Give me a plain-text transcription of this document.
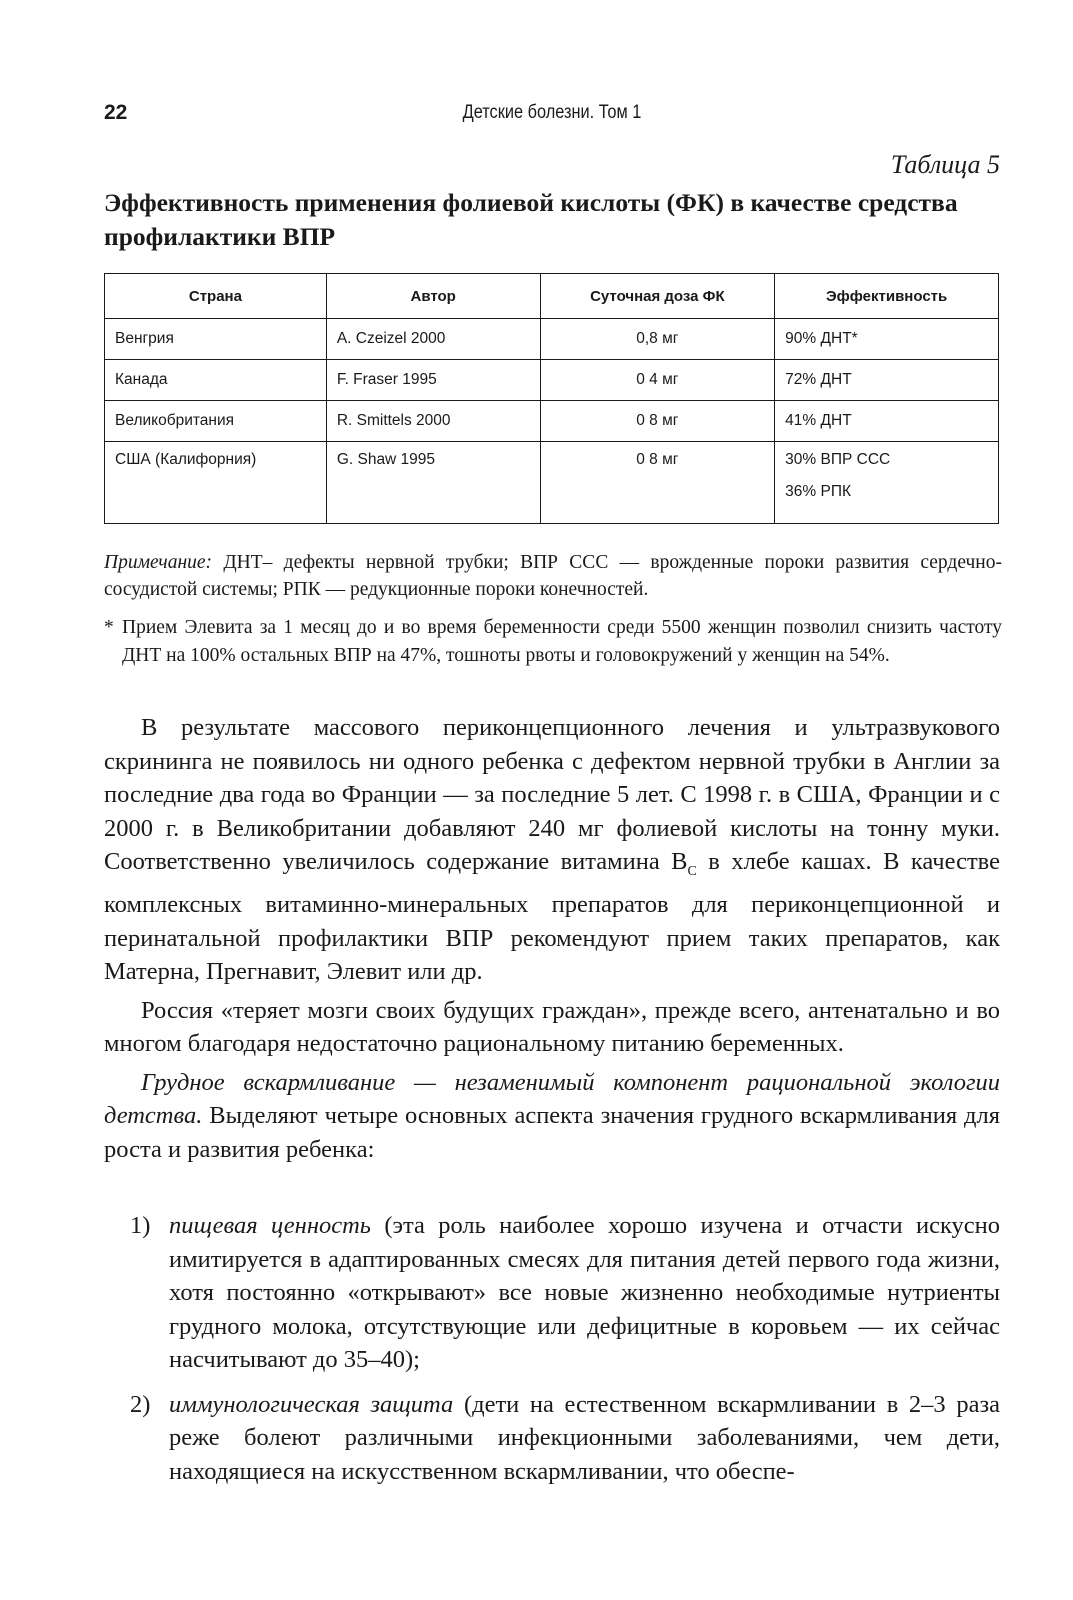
22	Детские болезни. Том 1
Таблица 5
Эффективность применения фолиевой кислоты (ФК) в качестве средства профилактики ВПР
Страна	Автор	Суточная доза ФК	Эффективность
Венгрия	A. Czeizel 2000	0,8 мг	90% ДНТ*
Канада	F. Fraser 1995	0 4 мг	72% ДНТ
Великобритания	R. Smittels 2000	0 8 мг	41% ДНТ
США (Калифорния)	G. Shaw 1995	0 8 мг	30% ВПР ССС
36% РПК
Примечание: ДНТ– дефекты нервной трубки; ВПР ССС — врожденные пороки развития сердечно-сосудистой системы; РПК — редукционные пороки конечностей.
* Прием Элевита за 1 месяц до и во время беременности среди 5500 женщин позволил снизить частоту ДНТ на 100% остальных ВПР на 47%, тошноты рвоты и головокружений у женщин на 54%.

В результате массового периконцепционного лечения и ультразвукового скрининга не появилось ни одного ребенка с дефектом нервной трубки в Англии за последние два года во Франции — за последние 5 лет. С 1998 г. в США, Франции и с 2000 г. в Великобритании добавляют 240 мг фолиевой кислоты на тонну муки. Соответственно увеличилось содержание витамина $В_С$ в хлебе кашах. В качестве комплексных витаминно-минеральных препаратов для периконцепционной и перинатальной профилактики ВПР рекомендуют прием таких препаратов, как Матерна, Прегнавит, Элевит или др.

Россия «теряет мозги своих будущих граждан», прежде всего, антенатально и во многом благодаря недостаточно рациональному питанию беременных.

Грудное вскармливание — незаменимый компонент рациональной экологии детства. Выделяют четыре основных аспекта значения грудного вскармливания для роста и развития ребенка:

1) пищевая ценность (эта роль наиболее хорошо изучена и отчасти искусно имитируется в адаптированных смесях для питания детей первого года жизни, хотя постоянно «открывают» все новые жизненно необходимые нутриенты грудного молока, отсутствующие или дефицитные в коровьем — их сейчас насчитывают до 35–40);
2) иммунологическая защита (дети на естественном вскармливании в 2–3 раза реже болеют различными инфекционными заболеваниями, чем дети, находящиеся на искусственном вскармливании, что обеспе-
